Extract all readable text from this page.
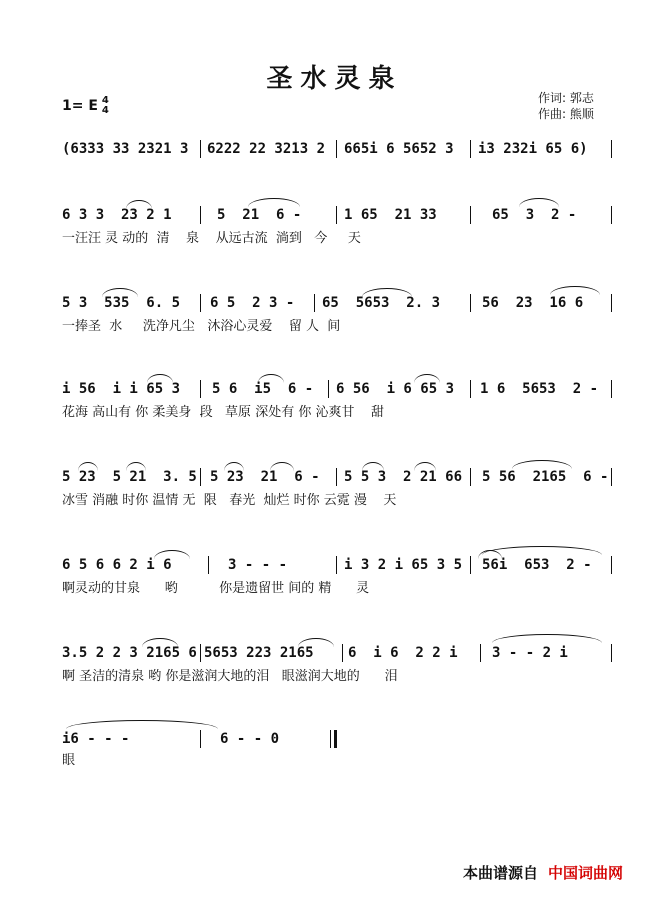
圣水灵泉
1= E 4
4
作词: 郭志
作曲: 熊顺

(6333 33 2321 3

6222 22 3213 2

665i 6 5652 3

i3 232i 65 6)

6 3 3  23 2 1

	5  21  6 -

	1 65  21 33

	65  3  2 -

一汪汪 灵 动的  清    泉    从远古流  淌到   今     天

5 3  535  6. 5

6 5  2 3 -

65  5653  2. 3

	56  23  16 6

一捧圣  水     洗净凡尘   沐浴心灵爱    留 人  间

i 56  i i 65 3

5 6  i5  6 -

6 56  i 6 65 3

1 6  5653  2 -

花海 高山有 你 柔美身  段   草原 深处有 你 沁爽甘    甜

5 23  5 21  3. 5

5 23  21  6 -

5 5 3  2 21 66

5 56  2165  6 -

冰雪 消融 时你 温情 无  限   春光  灿烂 时你 云霓 漫    天

6 5 6 6 2 i 6

	3 - - -

	i 3 2 i 65 3 5

56i  653  2 -

啊灵动的甘泉      哟          你是遗留世 间的 精      灵

3.5 2 2 3 2165 6

5653 223 2165

6  i 6  2 2 i

3 - - 2 i

啊 圣洁的清泉 哟 你是滋润大地的泪   眼滋润大地的      泪

i6 - - -

	6 - - 0

眼
本曲谱源自 中国词曲网
